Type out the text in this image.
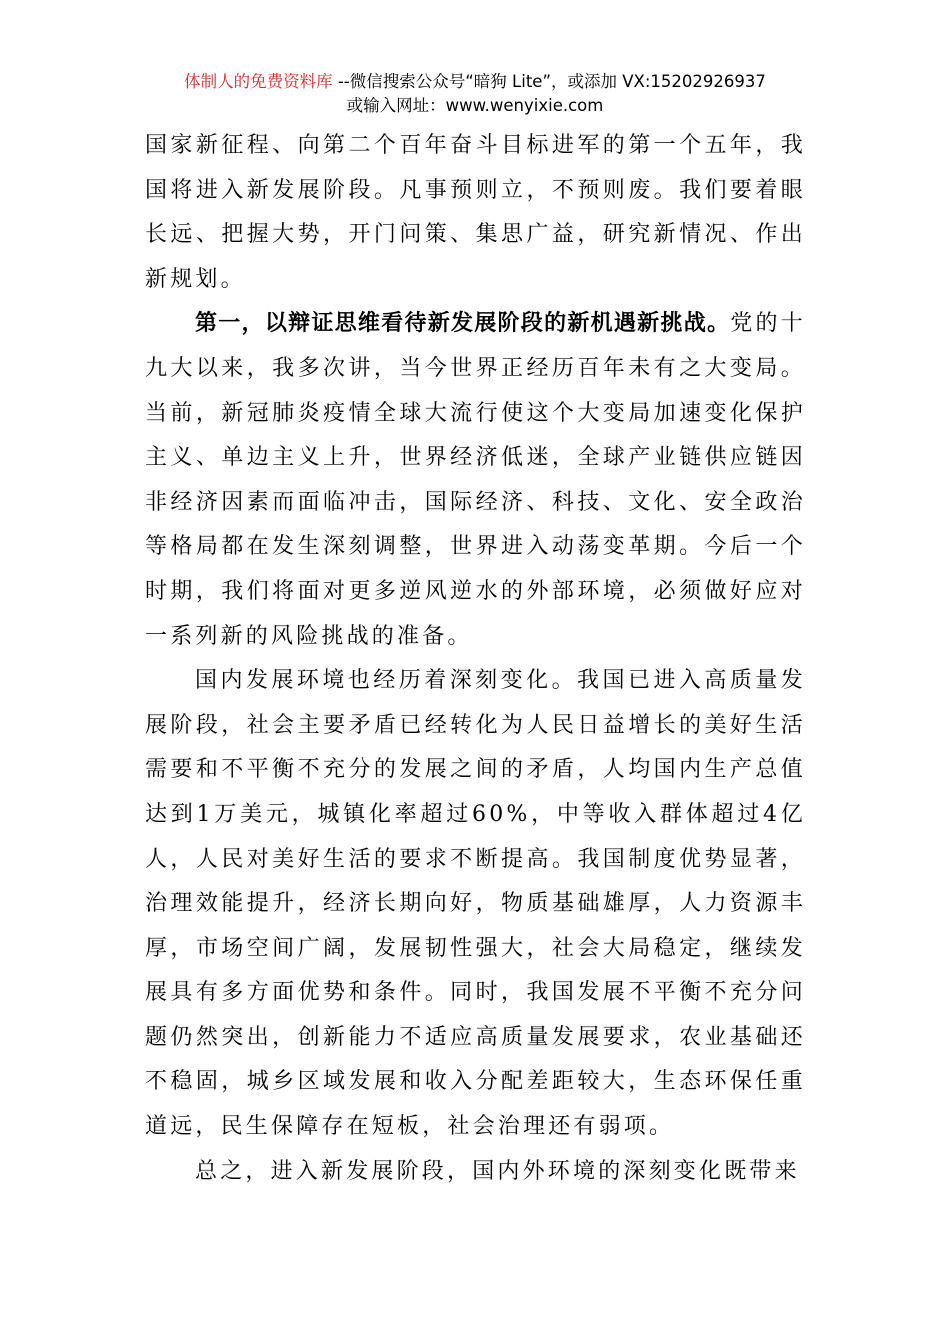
体制人的免费资料库 --微信搜索公众号“暗狗 Lite”，或添加 VX:15202926937
或输入网址：www.wenyixie.com

国家新征程、向第二个百年奋斗目标进军的第一个五年，我国将进入新发展阶段。凡事预则立，不预则废。我们要着眼长远、把握大势，开门问策、集思广益，研究新情况、作出新规划。

第一，以辩证思维看待新发展阶段的新机遇新挑战。党的十九大以来，我多次讲，当今世界正经历百年未有之大变局。当前，新冠肺炎疫情全球大流行使这个大变局加速变化保护主义、单边主义上升，世界经济低迷，全球产业链供应链因非经济因素而面临冲击，国际经济、科技、文化、安全政治等格局都在发生深刻调整，世界进入动荡变革期。今后一个时期，我们将面对更多逆风逆水的外部环境，必须做好应对一系列新的风险挑战的准备。

国内发展环境也经历着深刻变化。我国已进入高质量发展阶段，社会主要矛盾已经转化为人民日益增长的美好生活需要和不平衡不充分的发展之间的矛盾，人均国内生产总值达到1万美元，城镇化率超过60%，中等收入群体超过4亿人，人民对美好生活的要求不断提高。我国制度优势显著，治理效能提升，经济长期向好，物质基础雄厚，人力资源丰厚，市场空间广阔，发展韧性强大，社会大局稳定，继续发展具有多方面优势和条件。同时，我国发展不平衡不充分问题仍然突出，创新能力不适应高质量发展要求，农业基础还不稳固，城乡区域发展和收入分配差距较大，生态环保任重道远，民生保障存在短板，社会治理还有弱项。

总之，进入新发展阶段，国内外环境的深刻变化既带来
